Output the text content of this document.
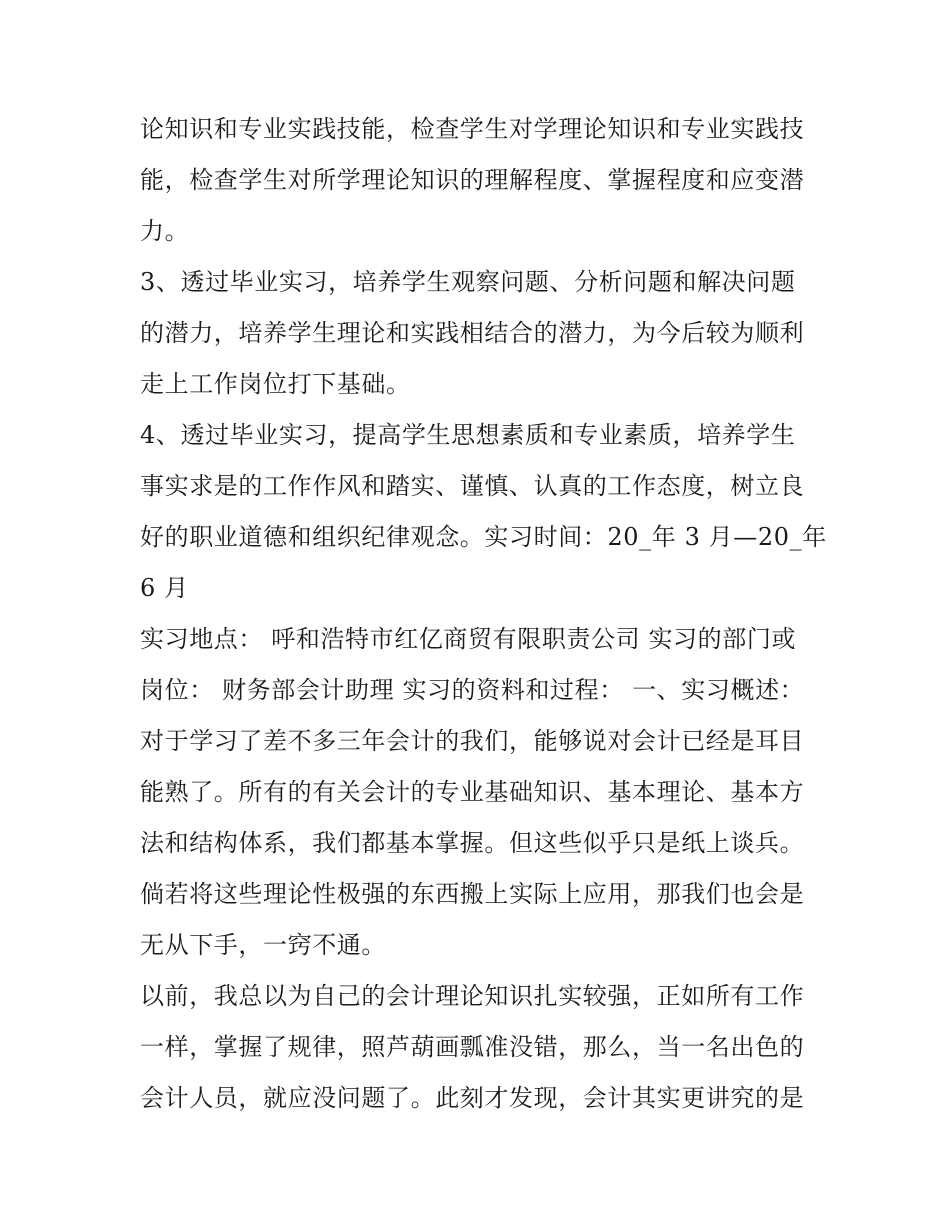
论知识和专业实践技能，检查学生对学理论知识和专业实践技
能，检查学生对所学理论知识的理解程度、掌握程度和应变潜
力。
3、透过毕业实习，培养学生观察问题、分析问题和解决问题
的潜力，培养学生理论和实践相结合的潜力，为今后较为顺利
走上工作岗位打下基础。
4、透过毕业实习，提高学生思想素质和专业素质，培养学生
事实求是的工作作风和踏实、谨慎、认真的工作态度，树立良
好的职业道德和组织纪律观念。实习时间：20_年 3 月—20_年
6 月
实习地点： 呼和浩特市红亿商贸有限职责公司 实习的部门或
岗位： 财务部会计助理 实习的资料和过程： 一、实习概述：
对于学习了差不多三年会计的我们，能够说对会计已经是耳目
能熟了。所有的有关会计的专业基础知识、基本理论、基本方
法和结构体系，我们都基本掌握。但这些似乎只是纸上谈兵。
倘若将这些理论性极强的东西搬上实际上应用，那我们也会是
无从下手，一窍不通。
以前，我总以为自己的会计理论知识扎实较强，正如所有工作
一样，掌握了规律，照芦葫画瓢准没错，那么，当一名出色的
会计人员，就应没问题了。此刻才发现，会计其实更讲究的是
